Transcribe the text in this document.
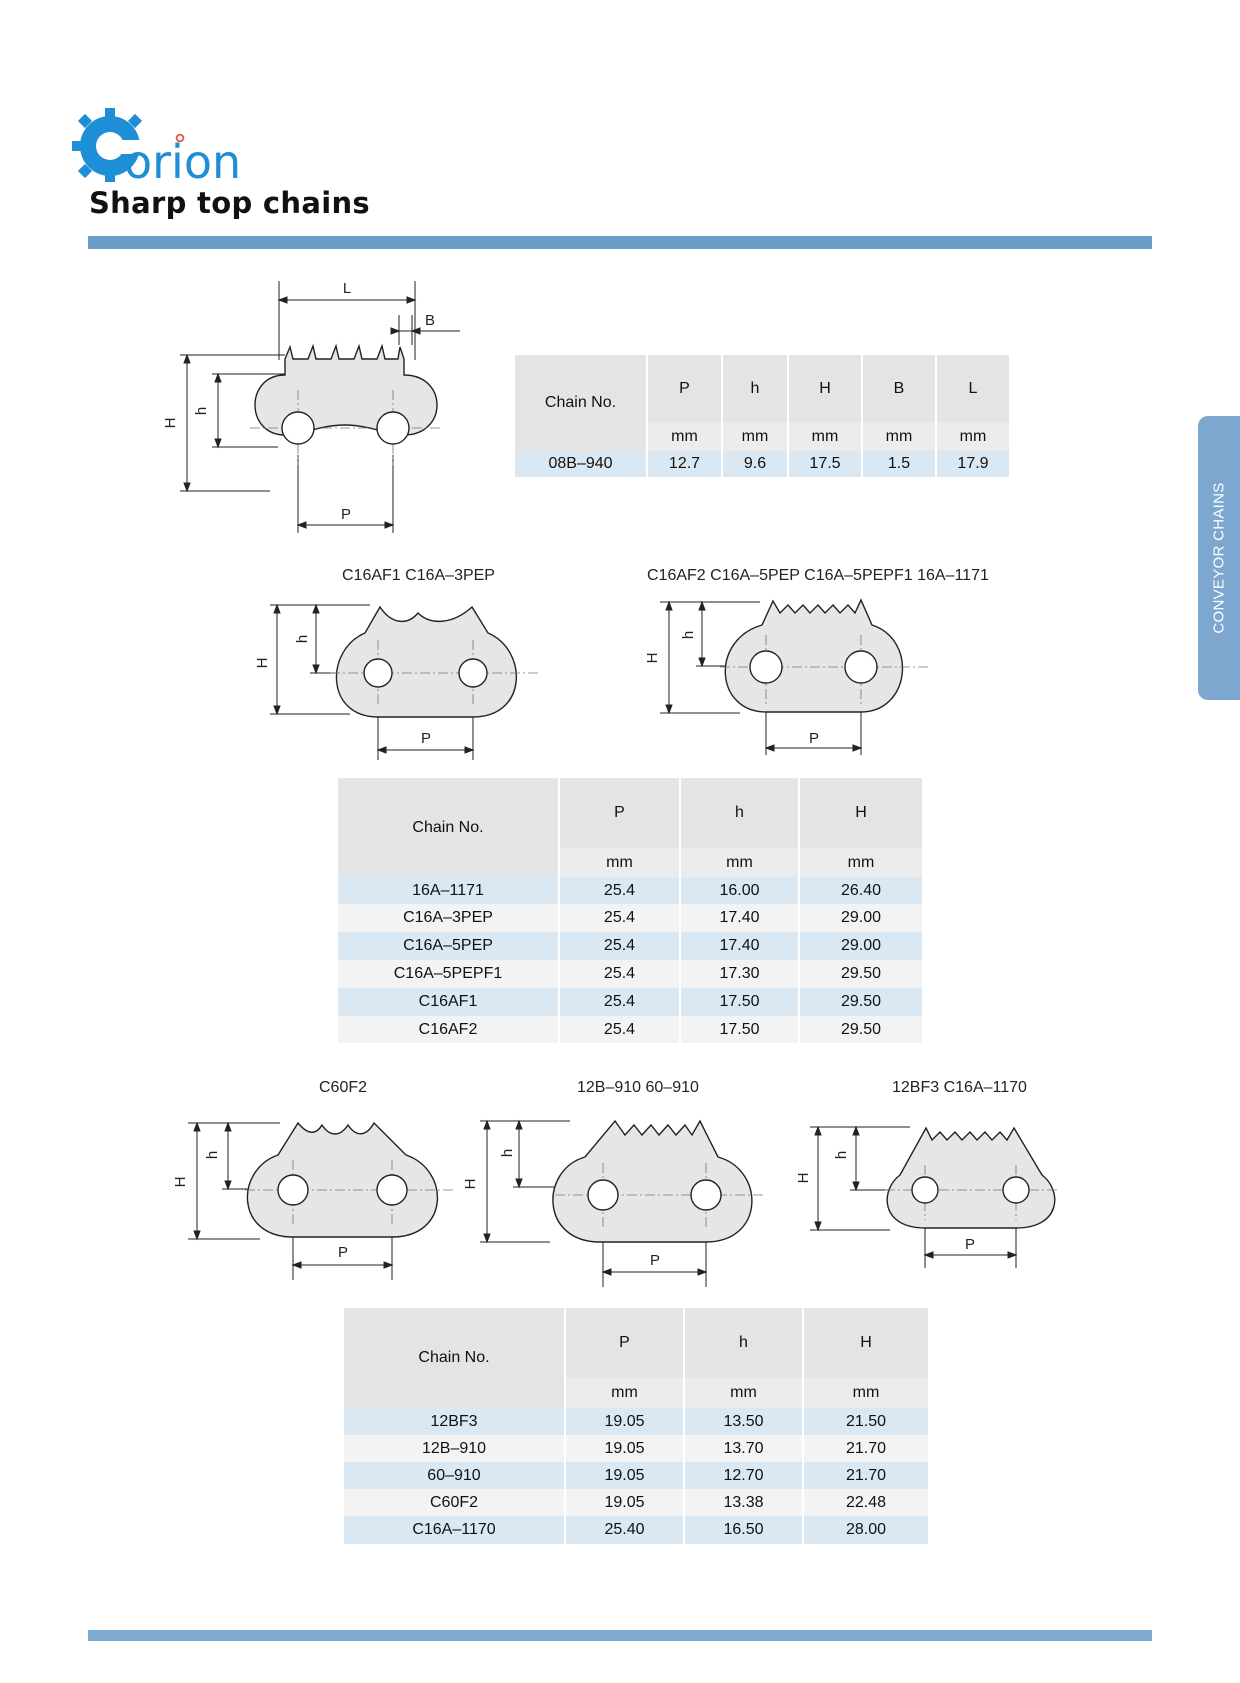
orion
Sharp top chains
CONVEYOR CHAINS
L
B
H
h
P
Chain No.	P	h	H	B	L
	mm	mm	mm	mm	mm
08B–940	12.7	9.6	17.5	1.5	17.9
C16AF1 C16A–3PEP
H
h
P
C16AF2 C16A–5PEP C16A–5PEPF1 16A–1171
H
h
P
Chain No.	P	h	H
	mm	mm	mm
16A–1171	25.4	16.00	26.40
C16A–3PEP	25.4	17.40	29.00
C16A–5PEP	25.4	17.40	29.00
C16A–5PEPF1	25.4	17.30	29.50
C16AF1	25.4	17.50	29.50
C16AF2	25.4	17.50	29.50
C60F2
H
h
P
12B–910 60–910
H
h
P
12BF3 C16A–1170
H
h
P
Chain No.	P	h	H
	mm	mm	mm
12BF3	19.05	13.50	21.50
12B–910	19.05	13.70	21.70
60–910	19.05	12.70	21.70
C60F2	19.05	13.38	22.48
C16A–1170	25.40	16.50	28.00
